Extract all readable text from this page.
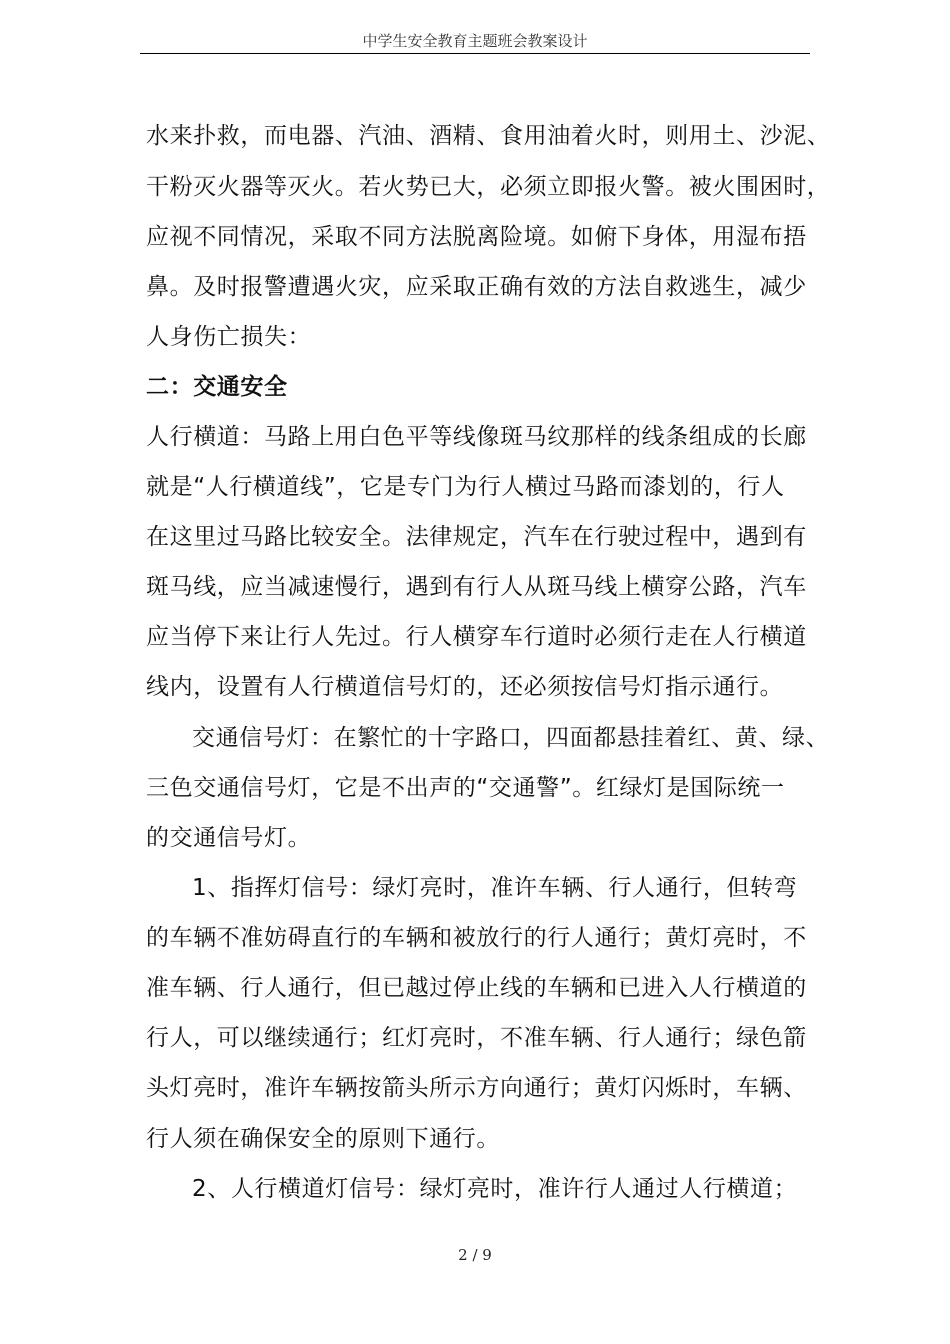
中学生安全教育主题班会教案设计
水来扑救，而电器、汽油、酒精、食用油着火时，则用土、沙泥、
干粉灭火器等灭火。若火势已大，必须立即报火警。被火围困时，
应视不同情况，采取不同方法脱离险境。如俯下身体，用湿布捂
鼻。及时报警遭遇火灾，应采取正确有效的方法自救逃生，减少
人身伤亡损失：
二：交通安全
人行横道：马路上用白色平等线像斑马纹那样的线条组成的长廊
就是“人行横道线”，它是专门为行人横过马路而漆划的，行人
在这里过马路比较安全。法律规定，汽车在行驶过程中，遇到有
斑马线，应当减速慢行，遇到有行人从斑马线上横穿公路，汽车
应当停下来让行人先过。行人横穿车行道时必须行走在人行横道
线内，设置有人行横道信号灯的，还必须按信号灯指示通行。
交通信号灯：在繁忙的十字路口，四面都悬挂着红、黄、绿、
三色交通信号灯，它是不出声的“交通警”。红绿灯是国际统一
的交通信号灯。
1、指挥灯信号：绿灯亮时，准许车辆、行人通行，但转弯
的车辆不准妨碍直行的车辆和被放行的行人通行；黄灯亮时，不
准车辆、行人通行，但已越过停止线的车辆和已进入人行横道的
行人，可以继续通行；红灯亮时，不准车辆、行人通行；绿色箭
头灯亮时，准许车辆按箭头所示方向通行；黄灯闪烁时，车辆、
行人须在确保安全的原则下通行。
2、人行横道灯信号：绿灯亮时，准许行人通过人行横道；
2 / 9
